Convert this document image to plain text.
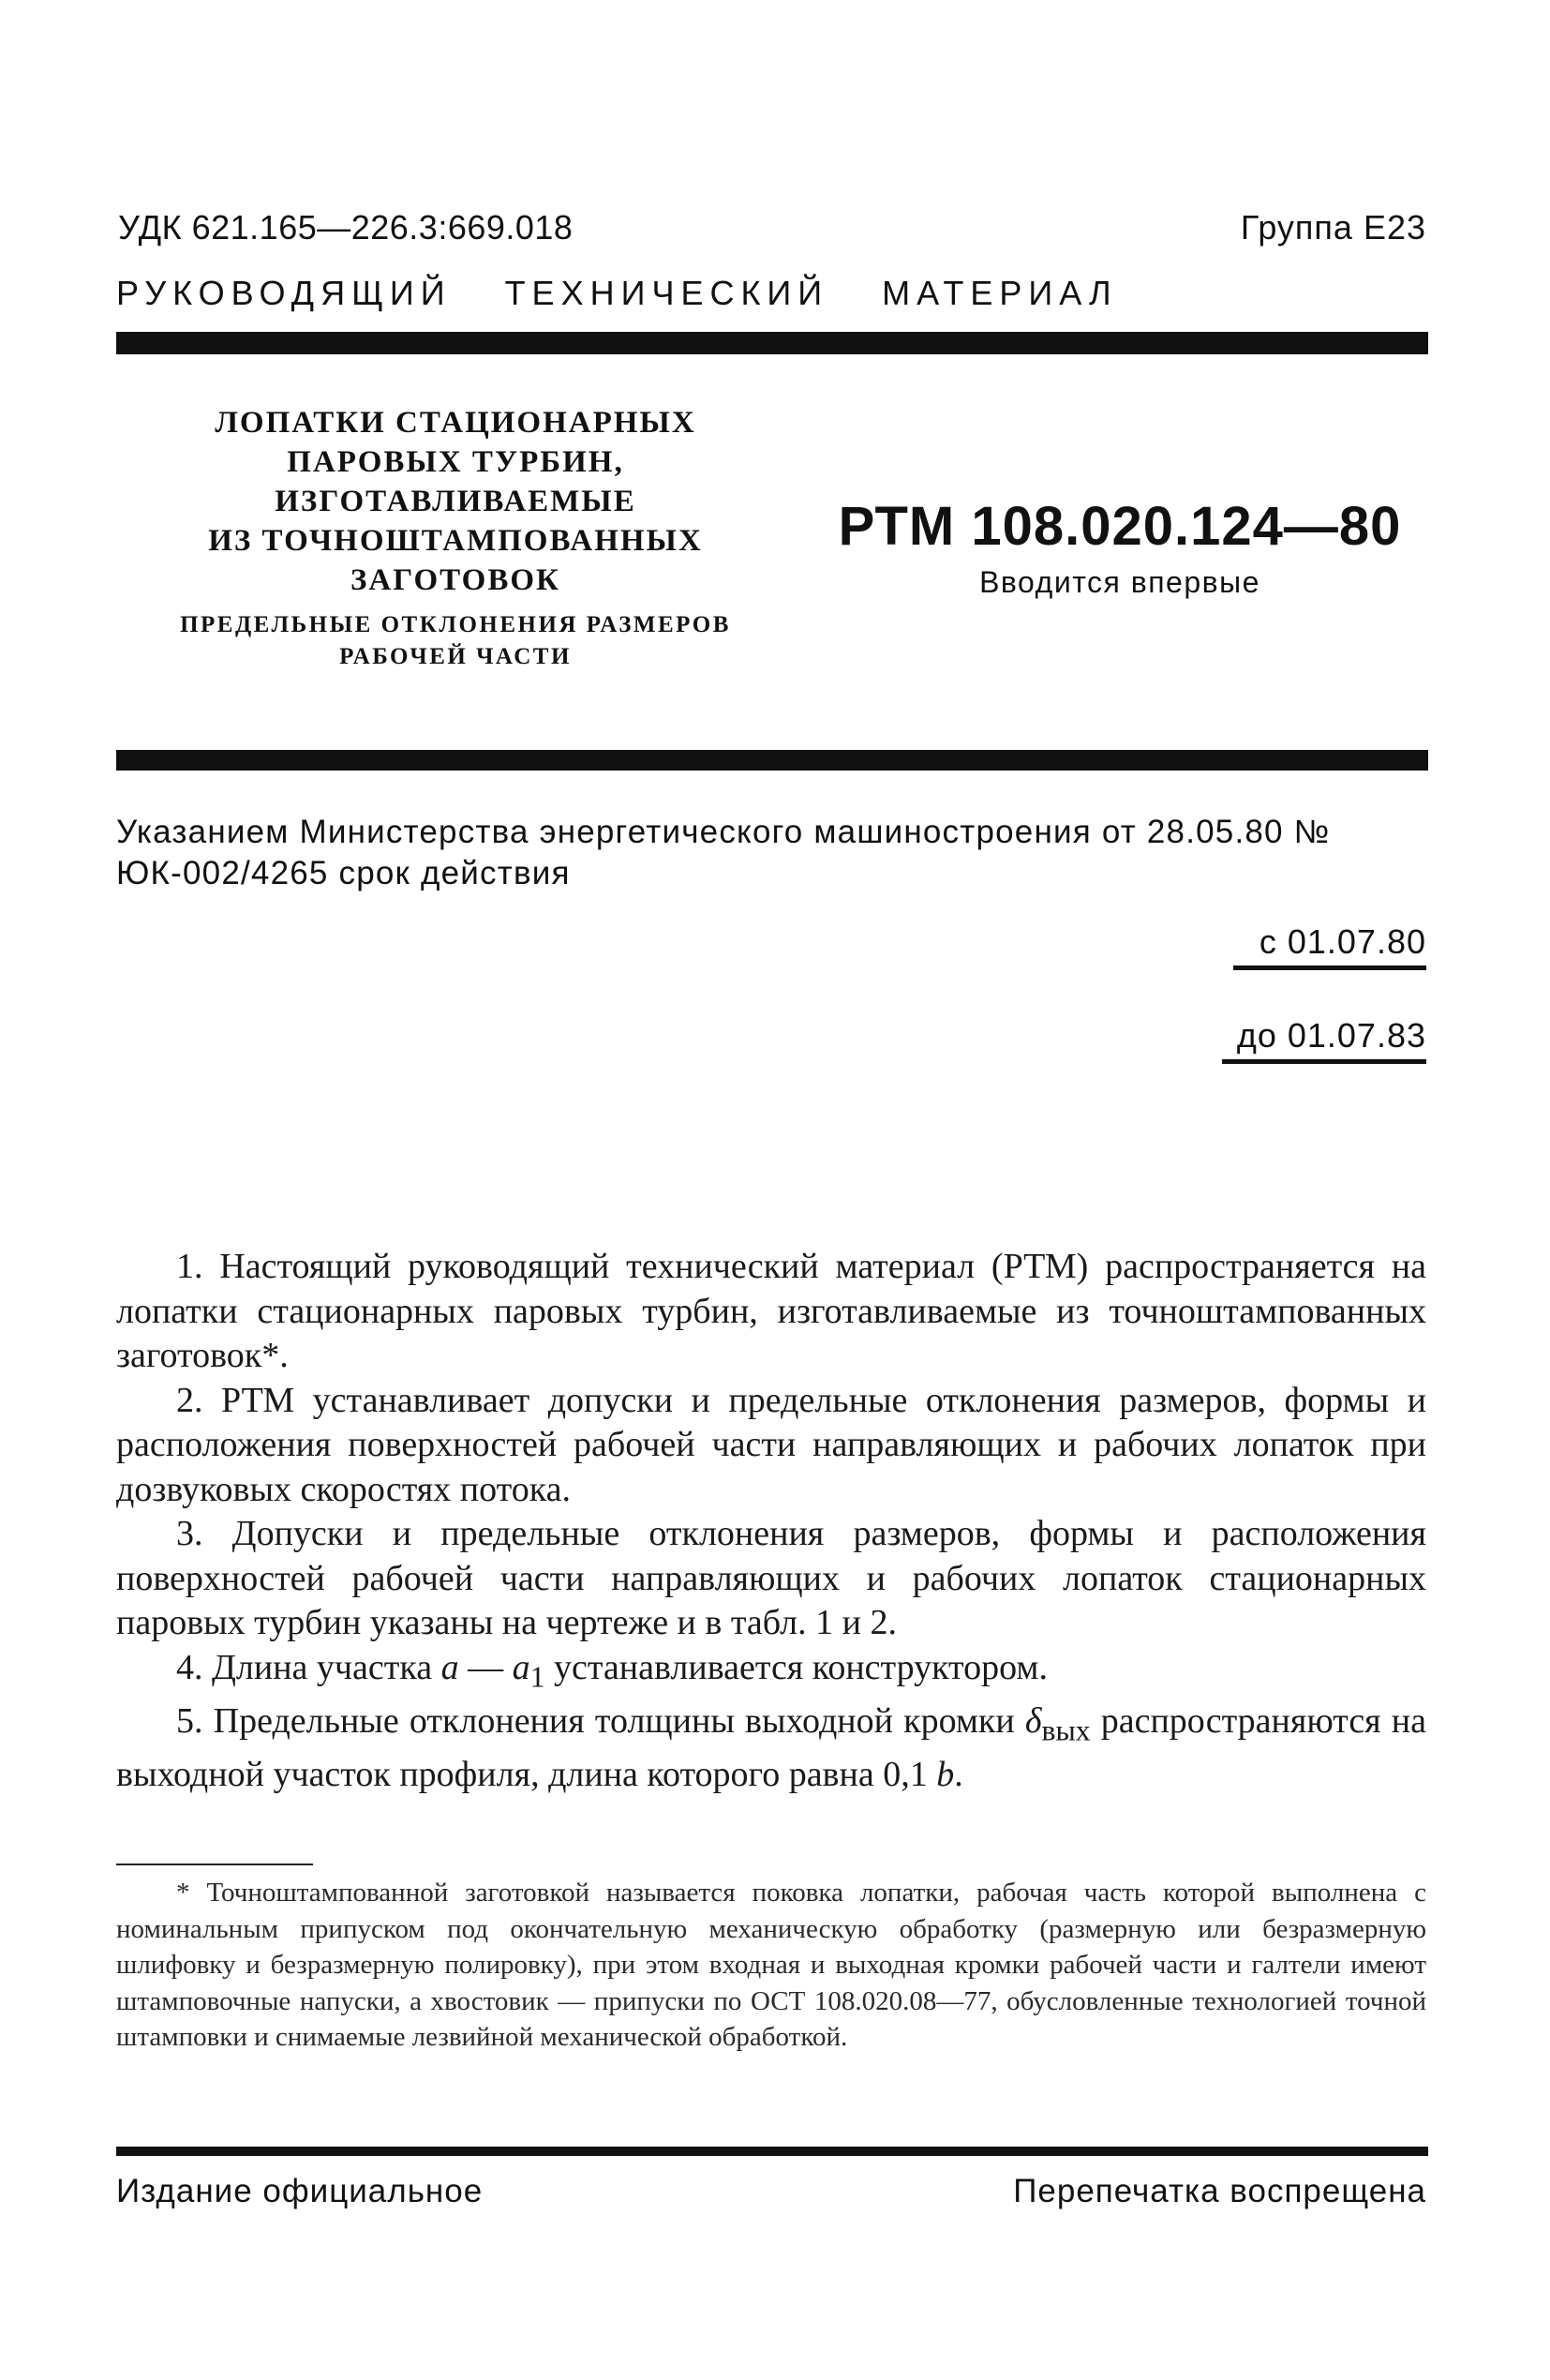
УДК 621.165—226.3:669.018	Группа Е23
РУКОВОДЯЩИЙ ТЕХНИЧЕСКИЙ МАТЕРИАЛ
ЛОПАТКИ СТАЦИОНАРНЫХ
ПАРОВЫХ ТУРБИН,
ИЗГОТАВЛИВАЕМЫЕ
ИЗ ТОЧНОШТАМПОВАННЫХ
ЗАГОТОВОК
ПРЕДЕЛЬНЫЕ ОТКЛОНЕНИЯ РАЗМЕРОВ
РАБОЧЕЙ ЧАСТИ
РТМ 108.020.124—80
Вводится впервые
Указанием Министерства энергетического машиностроения от 28.05.80 № ЮК-002/4265 срок действия
с 01.07.80
до 01.07.83

1. Настоящий руководящий технический материал (РТМ) распространяется на лопатки стационарных паровых турбин, изготавливаемые из точноштампованных заготовок*.

2. РТМ устанавливает допуски и предельные отклонения размеров, формы и расположения поверхностей рабочей части направляющих и рабочих лопаток при дозвуковых скоростях потока.

3. Допуски и предельные отклонения размеров, формы и расположения поверхностей рабочей части направляющих и рабочих лопаток стационарных паровых турбин указаны на чертеже и в табл. 1 и 2.

4. Длина участка a — $a_1$ устанавливается конструктором.

5. Предельные отклонения толщины выходной кромки $\delta_{вых}$ распространяются на выходной участок профиля, длина которого равна 0,1 b.

* Точноштампованной заготовкой называется поковка лопатки, рабочая часть которой выполнена с номинальным припуском под окончательную механическую обработку (размерную или безразмерную шлифовку и безразмерную полировку), при этом входная и выходная кромки рабочей части и галтели имеют штамповочные напуски, а хвостовик — припуски по ОСТ 108.020.08—77, обусловленные технологией точной штамповки и снимаемые лезвийной механической обработкой.

Издание официальное	Перепечатка воспрещена
